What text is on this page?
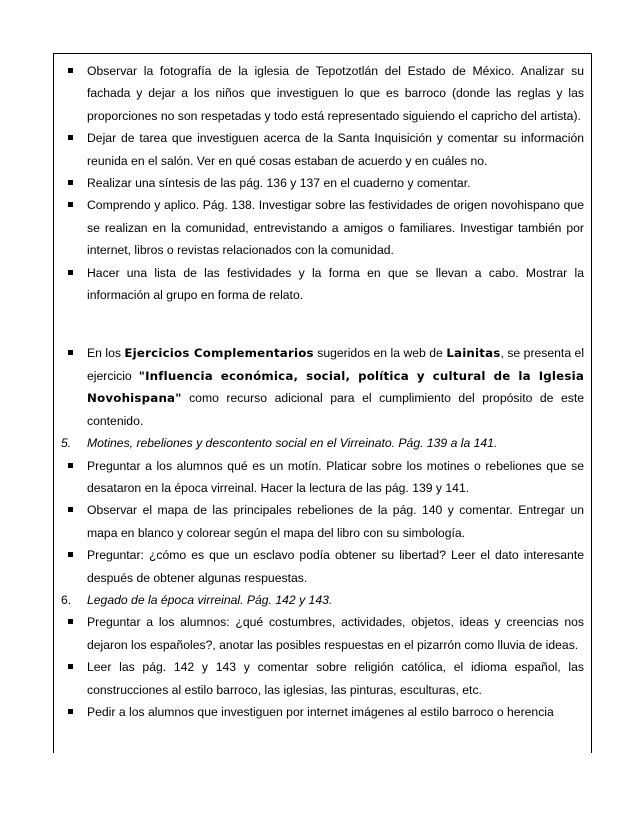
Observar la fotografía de la iglesia de Tepotzotlán del Estado de México. Analizar su fachada y dejar a los niños que investiguen lo que es barroco (donde las reglas y las proporciones no son respetadas y todo está representado siguiendo el capricho del artista).
Dejar de tarea que investiguen acerca de la Santa Inquisición y comentar su información reunida en el salón. Ver en qué cosas estaban de acuerdo y en cuáles no.
Realizar una síntesis de las pág. 136 y 137 en el cuaderno y comentar.
Comprendo y aplico. Pág. 138. Investigar sobre las festividades de origen novohispano que se realizan en la comunidad, entrevistando a amigos o familiares. Investigar también por internet, libros o revistas relacionados con la comunidad.
Hacer una lista de las festividades y la forma en que se llevan a cabo. Mostrar la información al grupo en forma de relato.
En los Ejercicios Complementarios sugeridos en la web de Lainitas, se presenta el ejercicio "Influencia económica, social, política y cultural de la Iglesia Novohispana" como recurso adicional para el cumplimiento del propósito de este contenido.
5.	Motines, rebeliones y descontento social en el Virreinato. Pág. 139 a la 141.
Preguntar a los alumnos qué es un motín. Platicar sobre los motines o rebeliones que se desataron en la época virreinal. Hacer la lectura de las pág. 139 y 141.
Observar el mapa de las principales rebeliones de la pág. 140 y comentar. Entregar un mapa en blanco y colorear según el mapa del libro con su simbología.
Preguntar: ¿cómo es que un esclavo podía obtener su libertad? Leer el dato interesante después de obtener algunas respuestas.
6.	Legado de la época virreinal. Pág. 142 y 143.
Preguntar a los alumnos: ¿qué costumbres, actividades, objetos, ideas y creencias nos dejaron los españoles?, anotar las posibles respuestas en el pizarrón como lluvia de ideas.
Leer las pág. 142 y 143 y comentar sobre religión católica, el idioma español, las construcciones al estilo barroco, las iglesias, las pinturas, esculturas, etc.
Pedir a los alumnos que investiguen por internet imágenes al estilo barroco o herencia
